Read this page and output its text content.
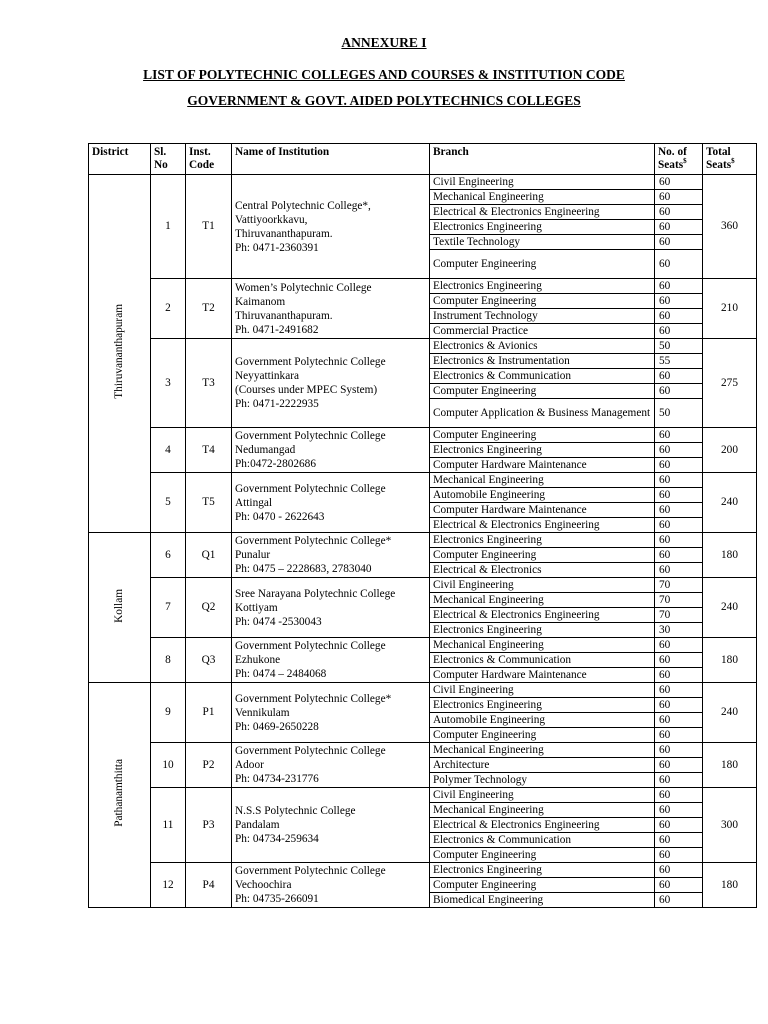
ANNEXURE I
LIST OF POLYTECHNIC COLLEGES AND COURSES & INSTITUTION CODE
GOVERNMENT & GOVT. AIDED POLYTECHNICS COLLEGES
District	Sl. No	Inst. Code	Name of Institution	Branch	No. of Seats$	Total Seats$
Thiruvananthapuram	1	T1	Central Polytechnic College*,
Vattiyoorkkavu,
Thiruvananthapuram.
Ph: 0471-2360391	Civil Engineering	60	360
				Mechanical Engineering	60	
				Electrical & Electronics Engineering	60	
				Electronics Engineering	60	
				Textile Technology	60	
				Computer Engineering	60	
	2	T2	Women’s Polytechnic College
Kaimanom
Thiruvananthapuram.
Ph. 0471-2491682	Electronics Engineering	60	210
				Computer Engineering	60	
				Instrument Technology	60	
				Commercial Practice	60	
	3	T3	Government Polytechnic College
Neyyattinkara
(Courses under MPEC System)
Ph: 0471-2222935	Electronics & Avionics	50	275
				Electronics & Instrumentation	55	
				Electronics & Communication	60	
				Computer Engineering	60	
				Computer Application & Business Management	50	
	4	T4	Government Polytechnic College
Nedumangad
Ph:0472-2802686	Computer Engineering	60	200
				Electronics Engineering	60	
				Computer Hardware Maintenance	60	
	5	T5	Government Polytechnic College
Attingal
Ph: 0470 - 2622643	Mechanical Engineering	60	240
				Automobile Engineering	60	
				Computer Hardware Maintenance	60	
				Electrical & Electronics Engineering	60	
Kollam	6	Q1	Government Polytechnic College*
Punalur
Ph: 0475 – 2228683, 2783040	Electronics Engineering	60	180
				Computer Engineering	60	
				Electrical & Electronics	60	
	7	Q2	Sree Narayana Polytechnic College
Kottiyam
Ph: 0474 -2530043	Civil Engineering	70	240
				Mechanical Engineering	70	
				Electrical & Electronics Engineering	70	
				Electronics Engineering	30	
	8	Q3	Government Polytechnic College
Ezhukone
Ph: 0474 – 2484068	Mechanical Engineering	60	180
				Electronics & Communication	60	
				Computer Hardware Maintenance	60	
Pathanamthitta	9	P1	Government Polytechnic College*
Vennikulam
Ph: 0469-2650228	Civil Engineering	60	240
				Electronics Engineering	60	
				Automobile Engineering	60	
				Computer Engineering	60	
	10	P2	Government Polytechnic College
Adoor
Ph: 04734-231776	Mechanical Engineering	60	180
				Architecture	60	
				Polymer Technology	60	
	11	P3	N.S.S Polytechnic College
Pandalam
Ph: 04734-259634	Civil Engineering	60	300
				Mechanical Engineering	60	
				Electrical & Electronics Engineering	60	
				Electronics & Communication	60	
				Computer Engineering	60	
	12	P4	Government Polytechnic College
Vechoochira
Ph: 04735-266091	Electronics Engineering	60	180
				Computer Engineering	60	
				Biomedical Engineering	60	
